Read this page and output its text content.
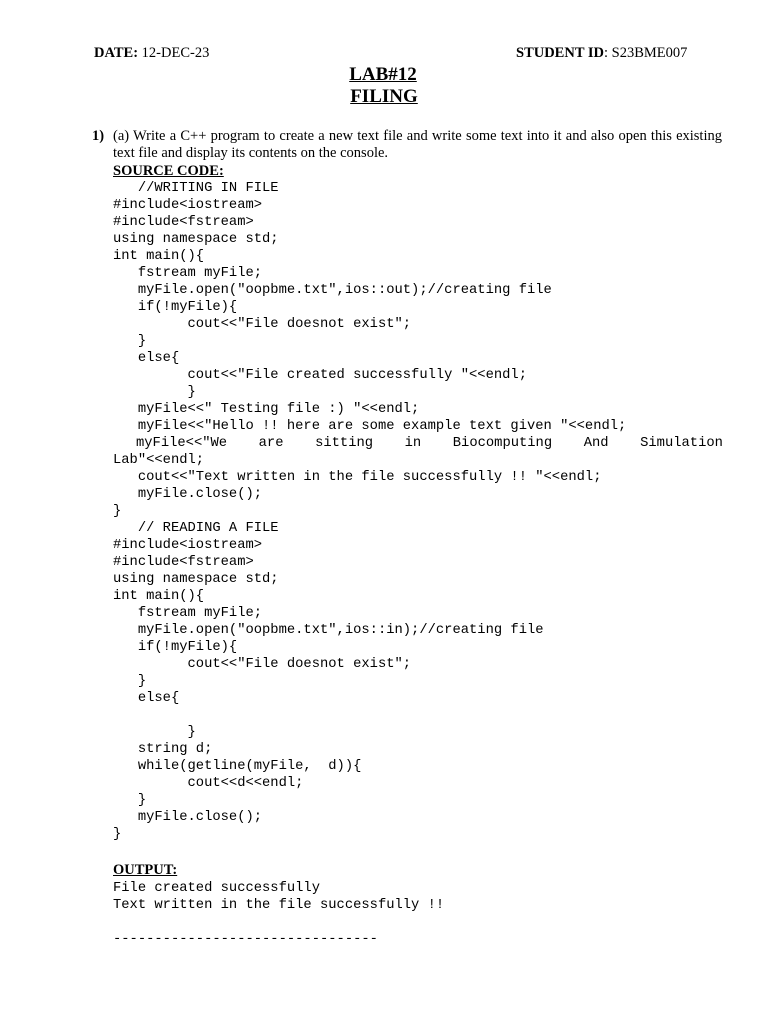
DATE: 12-DEC-23	STUDENT ID: S23BME007
LAB#12
FILING
1) (a) Write a C++ program to create a new text file and write some text into it and also open this existing text file and display its contents on the console.
SOURCE CODE:
//WRITING IN FILE
#include<iostream>
#include<fstream>
using namespace std;
int main(){
fstream myFile;
myFile.open("oopbme.txt",ios::out);//creating file
if(!myFile){
cout<<"File doesnot exist";
}
else{
cout<<"File created successfully "<<endl;
}
myFile<<" Testing file :) "<<endl;
myFile<<"Hello !! here are some example text given "<<endl;
myFile<<"We are sitting in Biocomputing And Simulation
Lab"<<endl;
cout<<"Text written in the file successfully !! "<<endl;
myFile.close();
}
// READING A FILE
#include<iostream>
#include<fstream>
using namespace std;
int main(){
fstream myFile;
myFile.open("oopbme.txt",ios::in);//creating file
if(!myFile){
cout<<"File doesnot exist";
}
else{
}
string d;
while(getline(myFile,  d)){
cout<<d<<endl;
}
myFile.close();
}
OUTPUT:
File created successfully
Text written in the file successfully !!
--------------------------------
